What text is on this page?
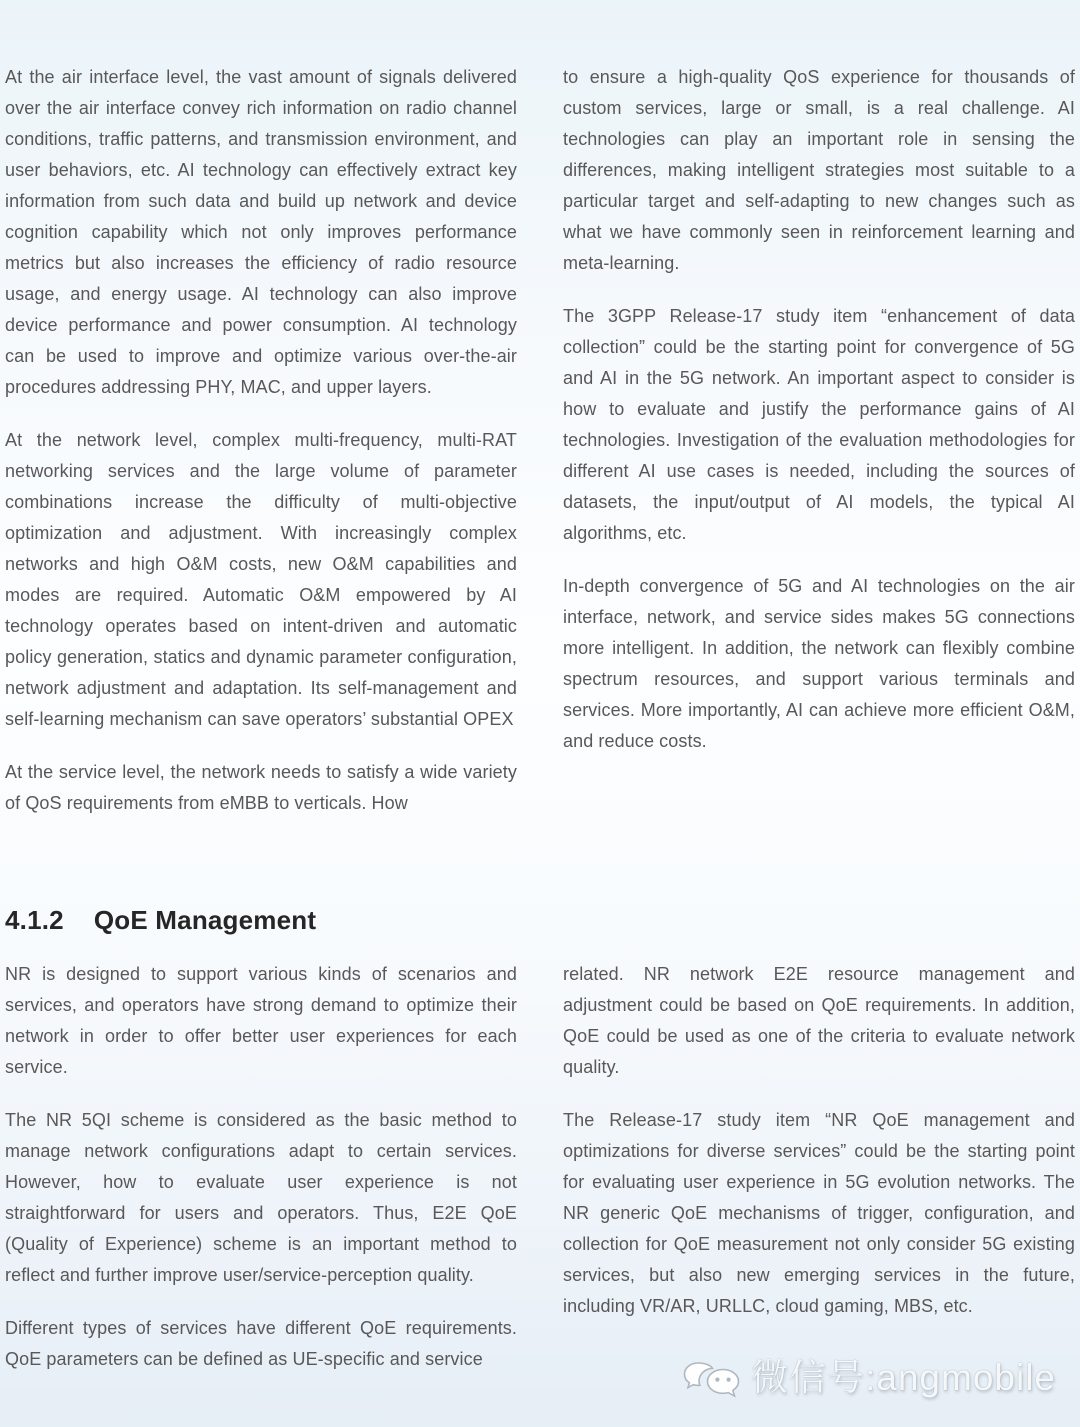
At the air interface level, the vast amount of signals delivered over the air interface convey rich information on radio channel conditions, traffic patterns, and transmission environment, and user behaviors, etc. AI technology can effectively extract key information from such data and build up network and device cognition capability which not only improves performance metrics but also increases the efficiency of radio resource usage, and energy usage. AI technology can also improve device performance and power consumption. AI technology can be used to improve and optimize various over-the-air procedures addressing PHY, MAC, and upper layers.

At the network level, complex multi-frequency, multi-RAT networking services and the large volume of parameter combinations increase the difficulty of multi-objective optimization and adjustment. With increasingly complex networks and high O&M costs, new O&M capabilities and modes are required. Automatic O&M empowered by AI technology operates based on intent-driven and automatic policy generation, statics and dynamic parameter configuration, network adjustment and adaptation. Its self-management and self-learning mechanism can save operators’ substantial OPEX

At the service level, the network needs to satisfy a wide variety of QoS requirements from eMBB to verticals. How

to ensure a high-quality QoS experience for thousands of custom services, large or small, is a real challenge. AI technologies can play an important role in sensing the differences, making intelligent strategies most suitable to a particular target and self-adapting to new changes such as what we have commonly seen in reinforcement learning and meta-learning.

The 3GPP Release-17 study item “enhancement of data collection” could be the starting point for convergence of 5G and AI in the 5G network. An important aspect to consider is how to evaluate and justify the performance gains of AI technologies. Investigation of the evaluation methodologies for different AI use cases is needed, including the sources of datasets, the input/output of AI models, the typical AI algorithms, etc.

In-depth convergence of 5G and AI technologies on the air interface, network, and service sides makes 5G connections more intelligent. In addition, the network can flexibly combine spectrum resources, and support various terminals and services. More importantly, AI can achieve more efficient O&M, and reduce costs.

4.1.2 QoE Management

NR is designed to support various kinds of scenarios and services, and operators have strong demand to optimize their network in order to offer better user experiences for each service.

The NR 5QI scheme is considered as the basic method to manage network configurations adapt to certain services. However, how to evaluate user experience is not straightforward for users and operators. Thus, E2E QoE (Quality of Experience) scheme is an important method to reflect and further improve user/service-perception quality.

Different types of services have different QoE requirements. QoE parameters can be defined as UE-specific and service

related. NR network E2E resource management and adjustment could be based on QoE requirements. In addition, QoE could be used as one of the criteria to evaluate network quality.

The Release-17 study item “NR QoE management and optimizations for diverse services” could be the starting point for evaluating user experience in 5G evolution networks. The NR generic QoE mechanisms of trigger, configuration, and collection for QoE measurement not only consider 5G existing services, but also new emerging services in the future, including VR/AR, URLLC, cloud gaming, MBS, etc.

微信号:angmobile
